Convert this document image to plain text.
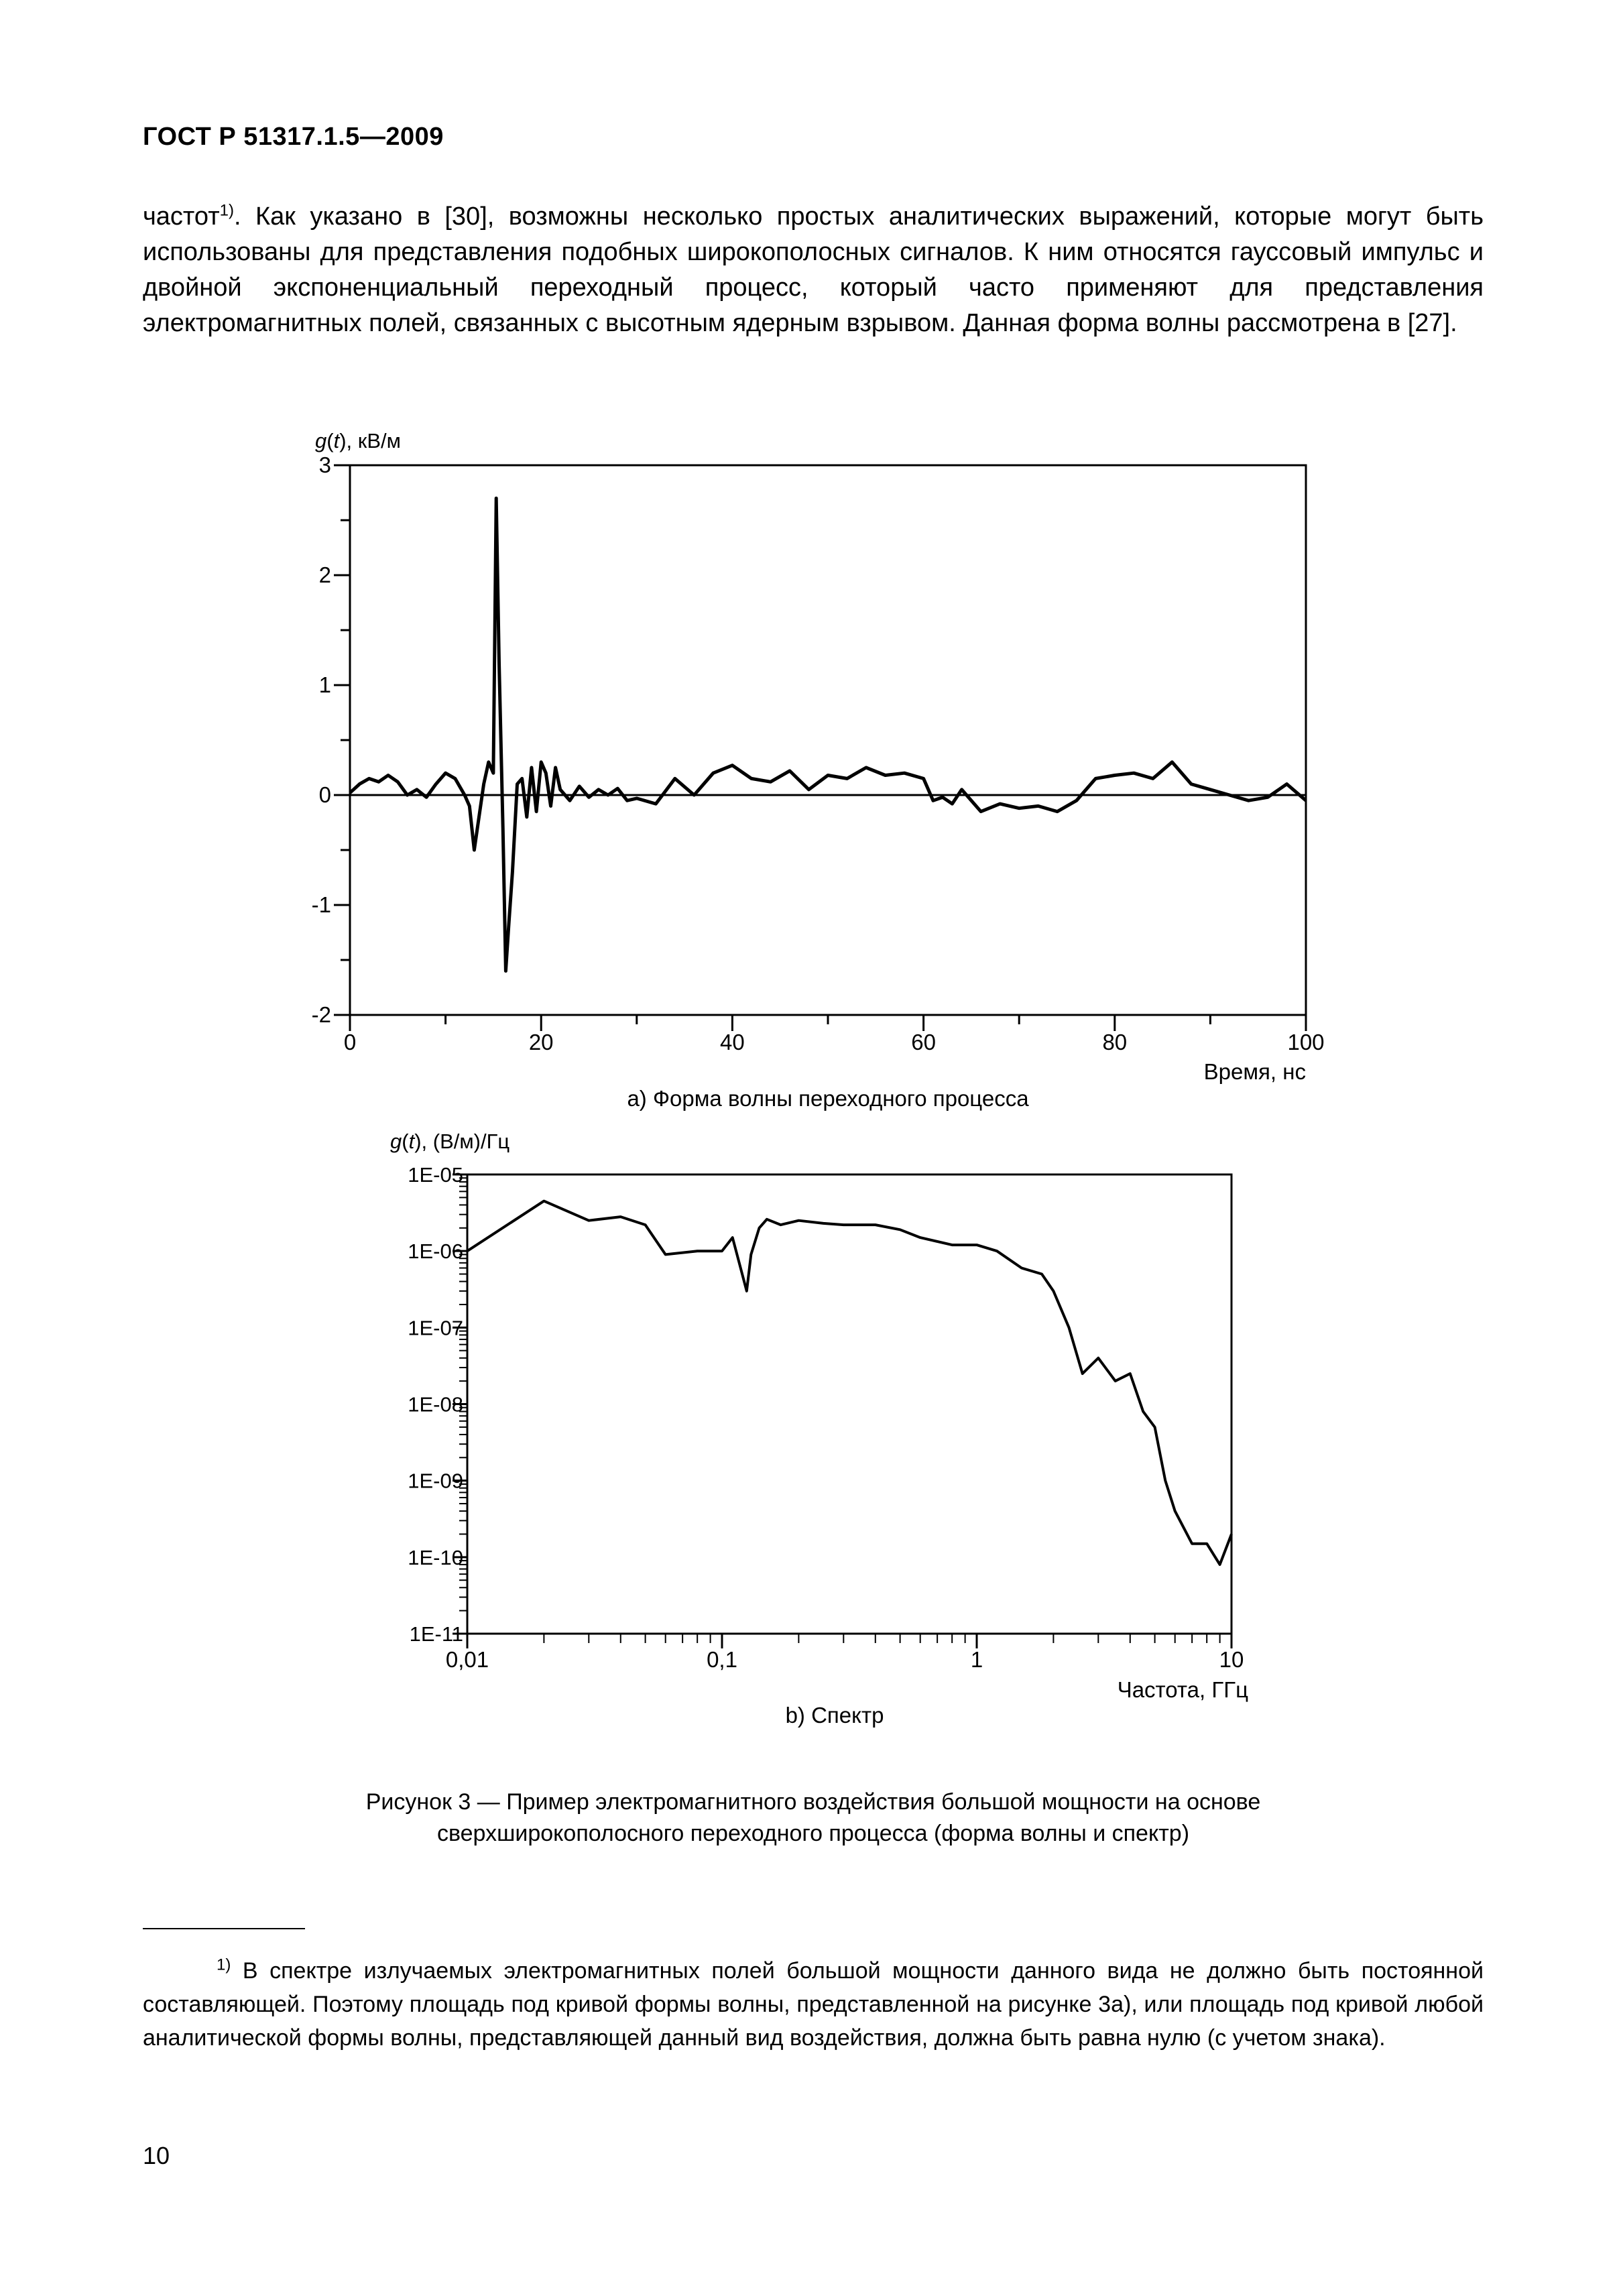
ГОСТ Р 51317.1.5—2009

частот$^{1)}$. Как указано в [30], возможны несколько простых аналитических выражений, которые могут быть использованы для представления подобных широкополосных сигналов. К ним относятся гауссовый импульс и двойной экспоненциальный переходный процесс, который часто применяют для представления электромагнитных полей, связанных с высотным ядерным взрывом. Данная форма волны рассмотрена в [27].

g(t), кВ/м
-2
-1
0
1
2
3
0	20	40	60	80	100
Время, нс
a) Форма волны переходного процесса
g(t), (В/м)/Гц
1E-05
1E-06
1E-07
1E-08
1E-09
1E-10
1E-11
0,01	0,1	1	10
Частота, ГГц
b) Спектр
Рисунок 3 — Пример электромагнитного воздействия большой мощности на основе
сверхширокополосного переходного процесса (форма волны и спектр)

$^{1)}$ В спектре излучаемых электромагнитных полей большой мощности данного вида не должно быть постоянной составляющей. Поэтому площадь под кривой формы волны, представленной на рисунке 3а), или площадь под кривой любой аналитической формы волны, представляющей данный вид воздействия, должна быть равна нулю (с учетом знака).

10
